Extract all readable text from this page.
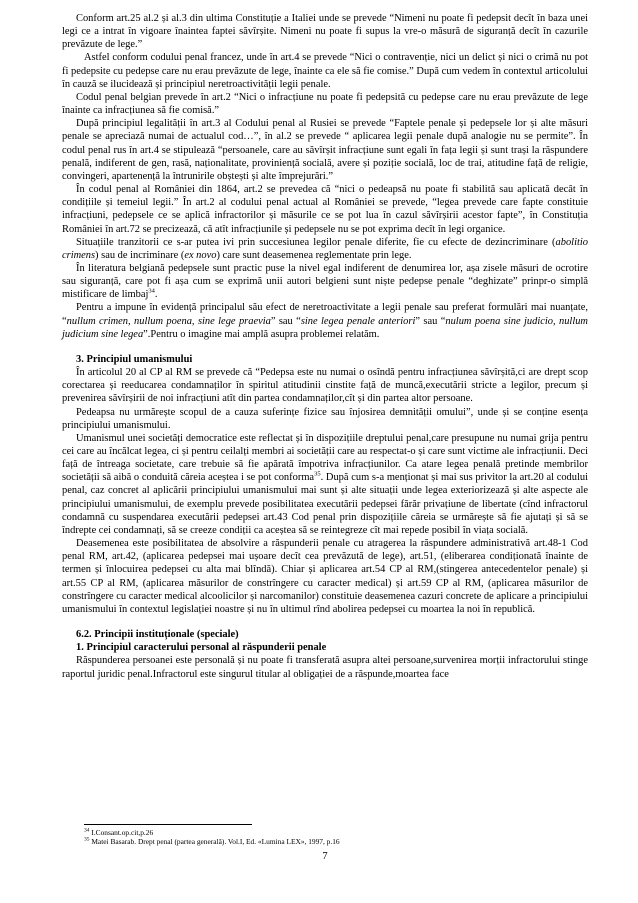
Conform art.25 al.2 și al.3 din ultima Constituție a Italiei unde se prevede “Nimeni nu poate fi pedepsit decît în baza unei legi ce a intrat în vigoare înaintea faptei săvîrșite. Nimeni nu poate fi supus la vre-o măsură de siguranță decît în cazurile prevăzute de lege.”

Astfel conform codului penal francez, unde în art.4 se prevede “Nici o contravenție, nici un delict și nici o crimă nu pot fi pedepsite cu pedepse care nu erau prevăzute de lege, înainte ca ele să fie comise.” După cum vedem în contextul articolului în cauză se ilucidează și principiul neretroactivității legii penale.

Codul penal belgian prevede în art.2 “Nici o infracțiune nu poate fi pedepsită cu pedepse care nu erau prevăzute de lege înainte ca infracțiunea să fie comisă.”

După principiul legalității în art.3 al Codului penal al Rusiei se prevede “Faptele penale și pedepsele lor și alte măsuri penale se apreciază numai de actualul cod…”, în al.2 se prevede “ aplicarea legii penale după analogie nu se permite”. În codul penal rus în art.4 se stipulează “persoanele, care au săvîrșit infracțiune sunt egali în fața legii și sunt trași la răspundere penală, indiferent de gen, rasă, naționalitate, proviniență socială, avere și poziție socială, loc de trai, atitudine față de religie, convingeri, apartenență la întrunirile obștești și alte împrejurări.”

În codul penal al României din 1864, art.2 se prevedea că “nici o pedeapsă nu poate fi stabilită sau aplicată decât în condițiile și temeiul legii.” În art.2 al codului penal actual al României se prevede, “legea prevede care fapte constituie infracțiuni, pedepsele ce se aplică infractorilor și măsurile ce se pot lua în cazul săvîrșirii acestor fapte”, în Constituția României în art.72 se precizează, că atît infracțiunile și pedepsele nu se pot exprima decît în legi organice.

Situațiile tranzitorii ce s-ar putea ivi prin succesiunea legilor penale diferite, fie cu efecte de dezincriminare (abolitio crimens) sau de incriminare (ex novo) care sunt deasemenea reglementate prin lege.

În literatura belgiană pedepsele sunt practic puse la nivel egal indiferent de denumirea lor, așa zisele măsuri de ocrotire sau siguranță, care pot fi așa cum se exprimă unii autori belgieni sunt niște pedepse penale “deghizate” prinpr-o simplă mistificare de limbaj$^{34}$.

Pentru a impune în evidență principalul său efect de neretroactivitate a legii penale sau preferat formulări mai nuanțate, “nullum crimen, nullum poena, sine lege praevia” sau “sine legea penale anteriori” sau “nulum poena sine judicio, nullum judicium sine legea”.Pentru o imagine mai amplă asupra problemei relatăm.

3. Principiul umanismului

În articolul 20 al CP al RM se prevede că “Pedepsa este nu numai o osîndă pentru infracțiunea săvîrșită,ci are drept scop corectarea și reeducarea condamnaților în spiritul atitudinii cinstite față de muncă,executării stricte a legilor, precum și prevenirea săvîrșirii de noi infracțiuni atît din partea condamnaților,cît și din partea altor persoane.

Pedeapsa nu urmărește scopul de a cauza suferințe fizice sau înjosirea demnității omului”, unde și se conține esența principiului umanismului.

Umanismul unei societăți democratice este reflectat și în dispozițiile dreptului penal,care presupune nu numai grija pentru cei care au încălcat legea, ci și pentru ceilalți membri ai societății care au respectat-o și care sunt victime ale infracțiunii. Deci față de întreaga societate, care trebuie să fie apărată împotriva infracțiunilor. Ca atare legea penală pretinde membrilor societății să aibă o conduită căreia aceștea i se pot conforma$^{35}$. După cum s-a menționat și mai sus privitor la art.20 al codului penal, caz concret al aplicării principiului umanismului mai sunt și alte situații unde legea exteriorizează și alte aspecte ale principiului umanismului, de exemplu prevede posibilitatea executării pedepsei fărăr privațiune de libertate (cînd infractorul condamnă cu suspendarea executării pedepsei art.43 Cod penal prin dispozițiile căreia se urmărește să fie ajutați și să se îndrepte cei condamnați, să se creeze condiții ca aceștea să se reintegreze cît mai repede posibil în viața socială.

Deasemenea este posibilitatea de absolvire a răspunderii penale cu atragerea la răspundere administrativă art.48-1 Cod penal RM, art.42, (aplicarea pedepsei mai ușoare decît cea prevăzută de lege), art.51, (eliberarea condiționată înainte de termen și înlocuirea pedepsei cu alta mai blîndă). Chiar și aplicarea art.54 CP al RM,(stingerea antecedentelor penale) și art.55 CP al RM, (aplicarea măsurilor de constrîngere cu caracter medical) și art.59 CP al RM, (aplicarea măsurilor de constrîngere cu caracter medical alcoolicilor și narcomanilor) constituie deasemenea cazuri concrete de aplicare a principiului umanismului în contextul legislației noastre și nu în ultimul rînd abolirea pedepsei cu moartea la noi în republică.

6.2. Principii instituționale (speciale)

1. Principiul caracterului personal al răspunderii penale

Răspunderea persoanei este personală și nu poate fi transferată asupra altei persoane,survenirea morții infractorului stinge raportul juridic penal.Infractorul este singurul titular al obligației de a răspunde,moartea face

$^{34}$ I.Consant.op.cit,p.26

$^{35}$ Matei Basarab. Drept penal (partea generală). Vol.I, Ed. «Lumina LEX», 1997, p.16

7
